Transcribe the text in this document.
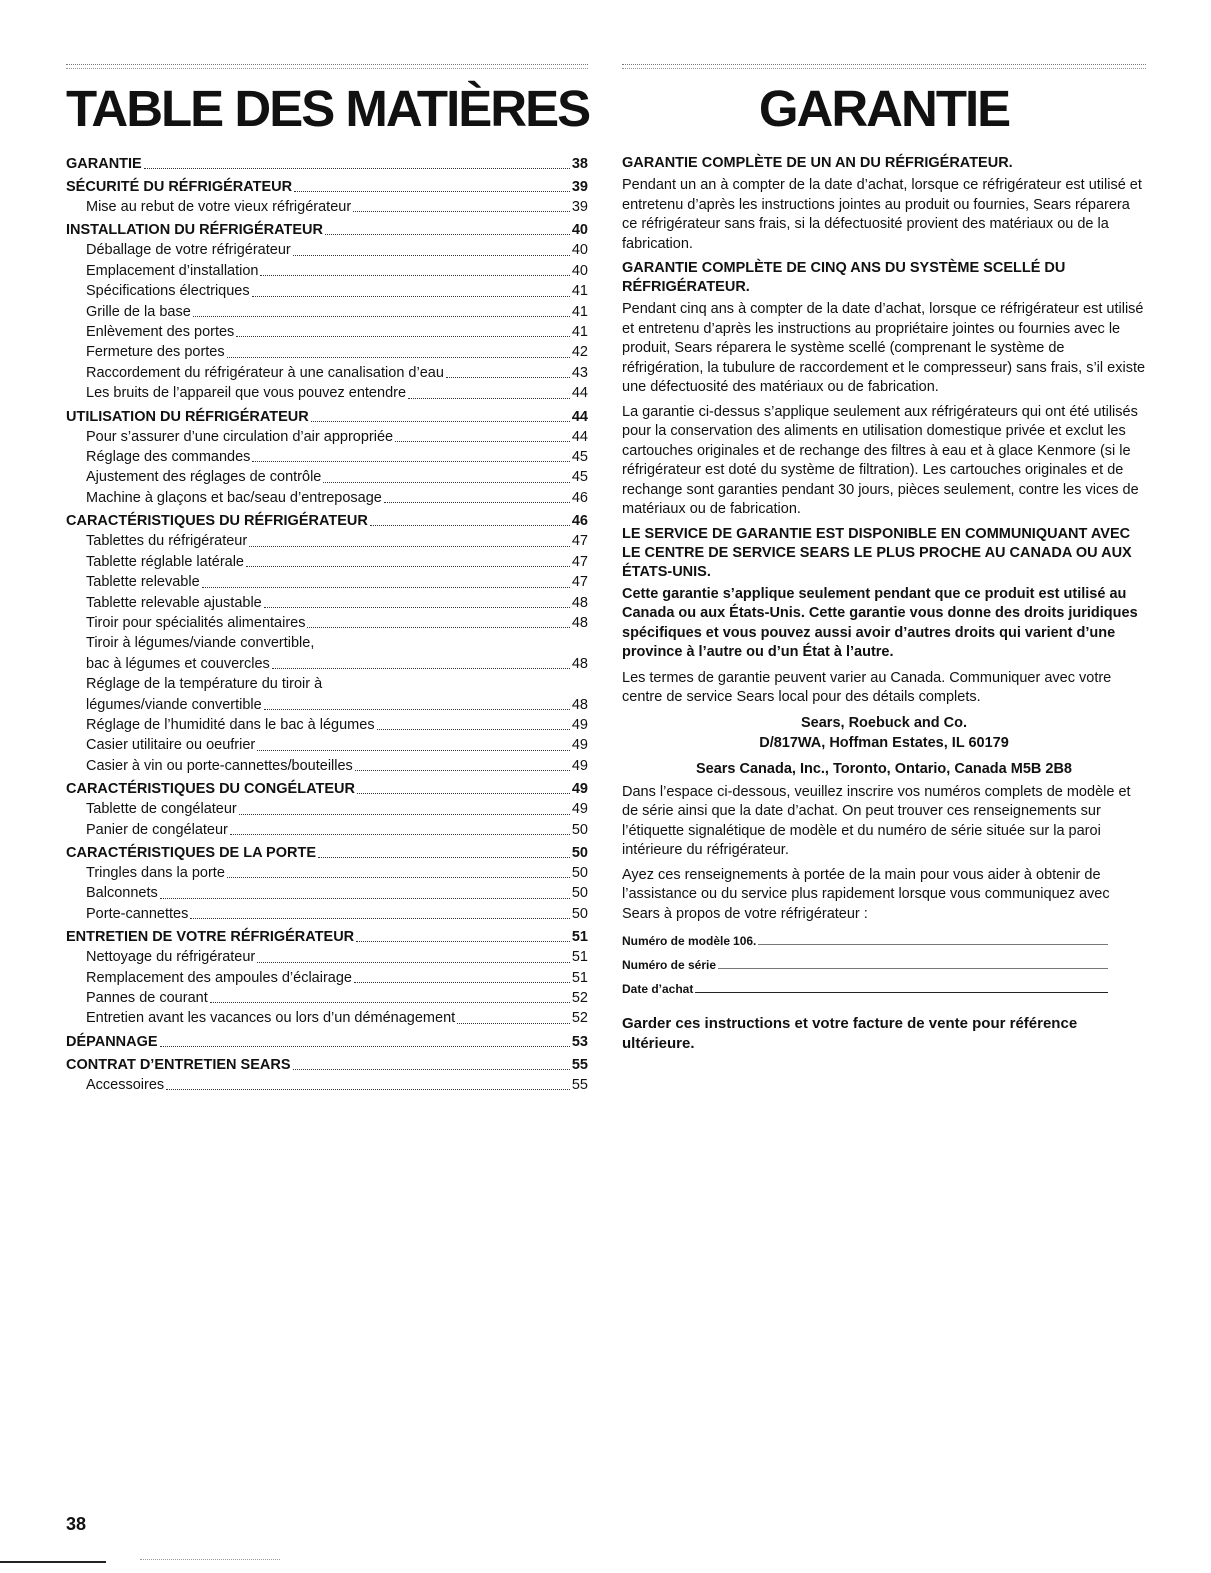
TABLE DES MATIÈRES
GARANTIE	38
SÉCURITÉ DU RÉFRIGÉRATEUR	39
Mise au rebut de votre vieux réfrigérateur	39
INSTALLATION DU RÉFRIGÉRATEUR	40
Déballage de votre réfrigérateur	40
Emplacement d’installation	40
Spécifications électriques	41
Grille de la base	41
Enlèvement des portes	41
Fermeture des portes	42
Raccordement du réfrigérateur à une canalisation d’eau	43
Les bruits de l’appareil que vous pouvez entendre	44
UTILISATION DU RÉFRIGÉRATEUR	44
Pour s’assurer d’une circulation d’air appropriée	44
Réglage des commandes	45
Ajustement des réglages de contrôle	45
Machine à glaçons et bac/seau d’entreposage	46
CARACTÉRISTIQUES DU RÉFRIGÉRATEUR	46
Tablettes du réfrigérateur	47
Tablette réglable latérale	47
Tablette relevable	47
Tablette relevable ajustable	48
Tiroir pour spécialités alimentaires	48
Tiroir à légumes/viande convertible,
bac à légumes et couvercles	48
Réglage de la température du tiroir à
légumes/viande convertible	48
Réglage de l’humidité dans le bac à légumes	49
Casier utilitaire ou oeufrier	49
Casier à vin ou porte-cannettes/bouteilles	49
CARACTÉRISTIQUES DU CONGÉLATEUR	49
Tablette de congélateur	49
Panier de congélateur	50
CARACTÉRISTIQUES DE LA PORTE	50
Tringles dans la porte	50
Balconnets	50
Porte-cannettes	50
ENTRETIEN DE VOTRE RÉFRIGÉRATEUR	51
Nettoyage du réfrigérateur	51
Remplacement des ampoules d’éclairage	51
Pannes de courant	52
Entretien avant les vacances ou lors d’un déménagement	52
DÉPANNAGE	53
CONTRAT D’ENTRETIEN SEARS	55
Accessoires	55
GARANTIE

GARANTIE COMPLÈTE DE UN AN DU RÉFRIGÉRATEUR.

Pendant un an à compter de la date d’achat, lorsque ce réfrigérateur est utilisé et entretenu d’après les instructions jointes au produit ou fournies, Sears réparera ce réfrigérateur sans frais, si la défectuosité provient des matériaux ou de la fabrication.

GARANTIE COMPLÈTE DE CINQ ANS DU SYSTÈME SCELLÉ DU RÉFRIGÉRATEUR.

Pendant cinq ans à compter de la date d’achat, lorsque ce réfrigérateur est utilisé et entretenu d’après les instructions au propriétaire jointes ou fournies avec le produit, Sears réparera le système scellé (comprenant le système de réfrigération, la tubulure de raccordement et le compresseur) sans frais, s’il existe une défectuosité des matériaux ou de fabrication.

La garantie ci-dessus s’applique seulement aux réfrigérateurs qui ont été utilisés pour la conservation des aliments en utilisation domestique privée et exclut les cartouches originales et de rechange des filtres à eau et à glace Kenmore (si le réfrigérateur est doté du système de filtration). Les cartouches originales et de rechange sont garanties pendant 30 jours, pièces seulement, contre les vices de matériaux ou de fabrication.

LE SERVICE DE GARANTIE EST DISPONIBLE EN COMMUNIQUANT AVEC LE CENTRE DE SERVICE SEARS LE PLUS PROCHE AU CANADA OU AUX ÉTATS-UNIS.

Cette garantie s’applique seulement pendant que ce produit est utilisé au Canada ou aux États-Unis. Cette garantie vous donne des droits juridiques spécifiques et vous pouvez aussi avoir d’autres droits qui varient d’une province à l’autre ou d’un État à l’autre.

Les termes de garantie peuvent varier au Canada. Communiquer avec votre centre de service Sears local pour des détails complets.

Sears, Roebuck and Co.
D/817WA, Hoffman Estates, IL 60179
Sears Canada, Inc., Toronto, Ontario, Canada M5B 2B8

Dans l’espace ci-dessous, veuillez inscrire vos numéros complets de modèle et de série ainsi que la date d’achat. On peut trouver ces renseignements sur l’étiquette signalétique de modèle et du numéro de série située sur la paroi intérieure du réfrigérateur.

Ayez ces renseignements à portée de la main pour vous aider à obtenir de l’assistance ou du service plus rapidement lorsque vous communiquez avec Sears à propos de votre réfrigérateur :

Numéro de modèle 106.
Numéro de série
Date d’achat

Garder ces instructions et votre facture de vente pour référence ultérieure.

38
